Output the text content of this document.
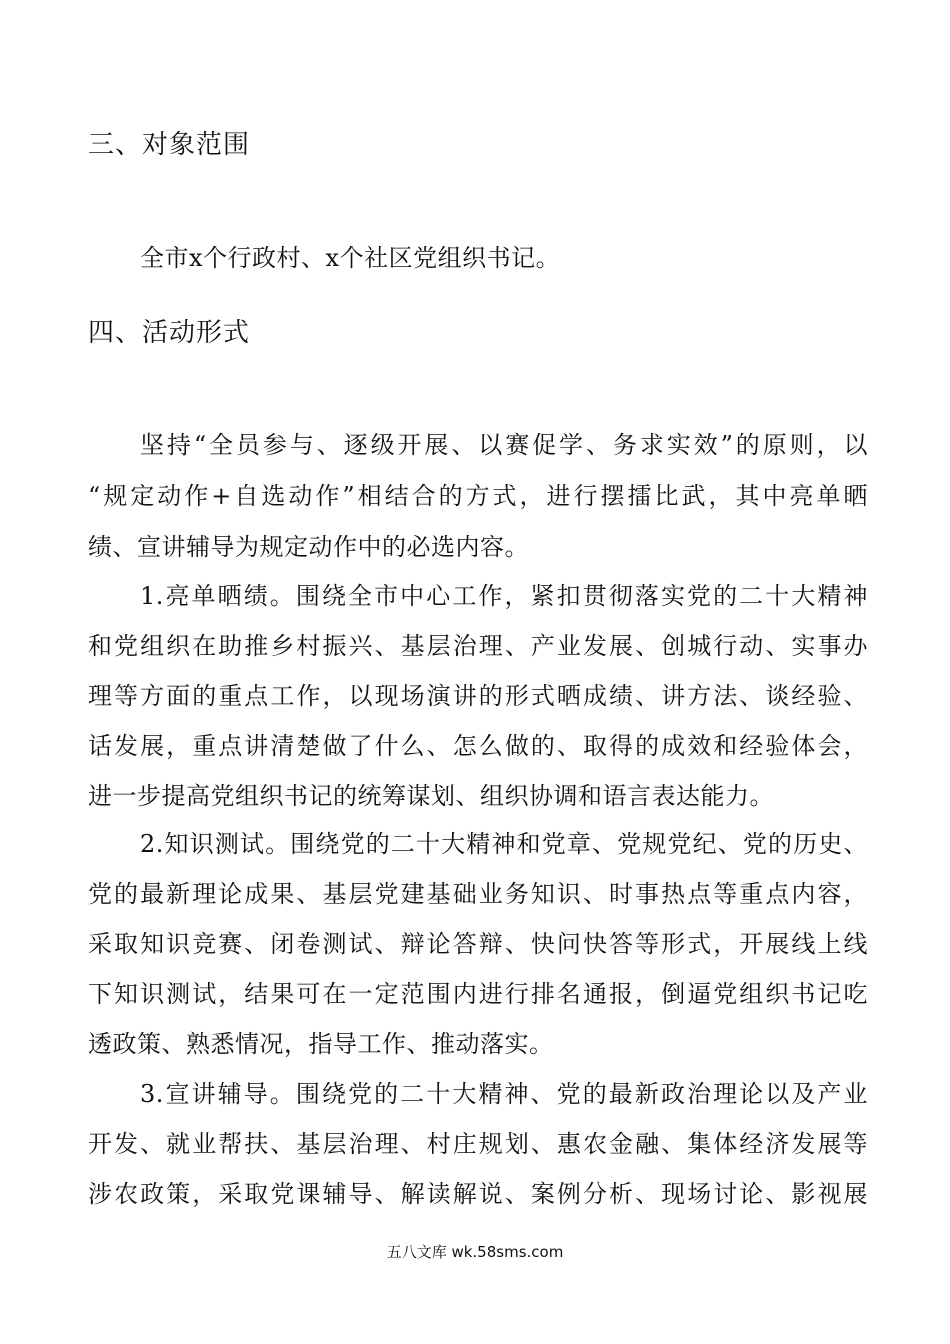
三、对象范围

全市x个行政村、x个社区党组织书记。

四、活动形式

坚持“全员参与、逐级开展、以赛促学、务求实效”的原则，以

“规定动作+自选动作”相结合的方式，进行摆擂比武，其中亮单晒

绩、宣讲辅导为规定动作中的必选内容。

1.亮单晒绩。围绕全市中心工作，紧扣贯彻落实党的二十大精神

和党组织在助推乡村振兴、基层治理、产业发展、创城行动、实事办

理等方面的重点工作，以现场演讲的形式晒成绩、讲方法、谈经验、

话发展，重点讲清楚做了什么、怎么做的、取得的成效和经验体会，

进一步提高党组织书记的统筹谋划、组织协调和语言表达能力。

2.知识测试。围绕党的二十大精神和党章、党规党纪、党的历史、

党的最新理论成果、基层党建基础业务知识、时事热点等重点内容，

采取知识竞赛、闭卷测试、辩论答辩、快问快答等形式，开展线上线

下知识测试，结果可在一定范围内进行排名通报，倒逼党组织书记吃

透政策、熟悉情况，指导工作、推动落实。

3.宣讲辅导。围绕党的二十大精神、党的最新政治理论以及产业

开发、就业帮扶、基层治理、村庄规划、惠农金融、集体经济发展等

涉农政策，采取党课辅导、解读解说、案例分析、现场讨论、影视展

五八文库 wk.58sms.com
